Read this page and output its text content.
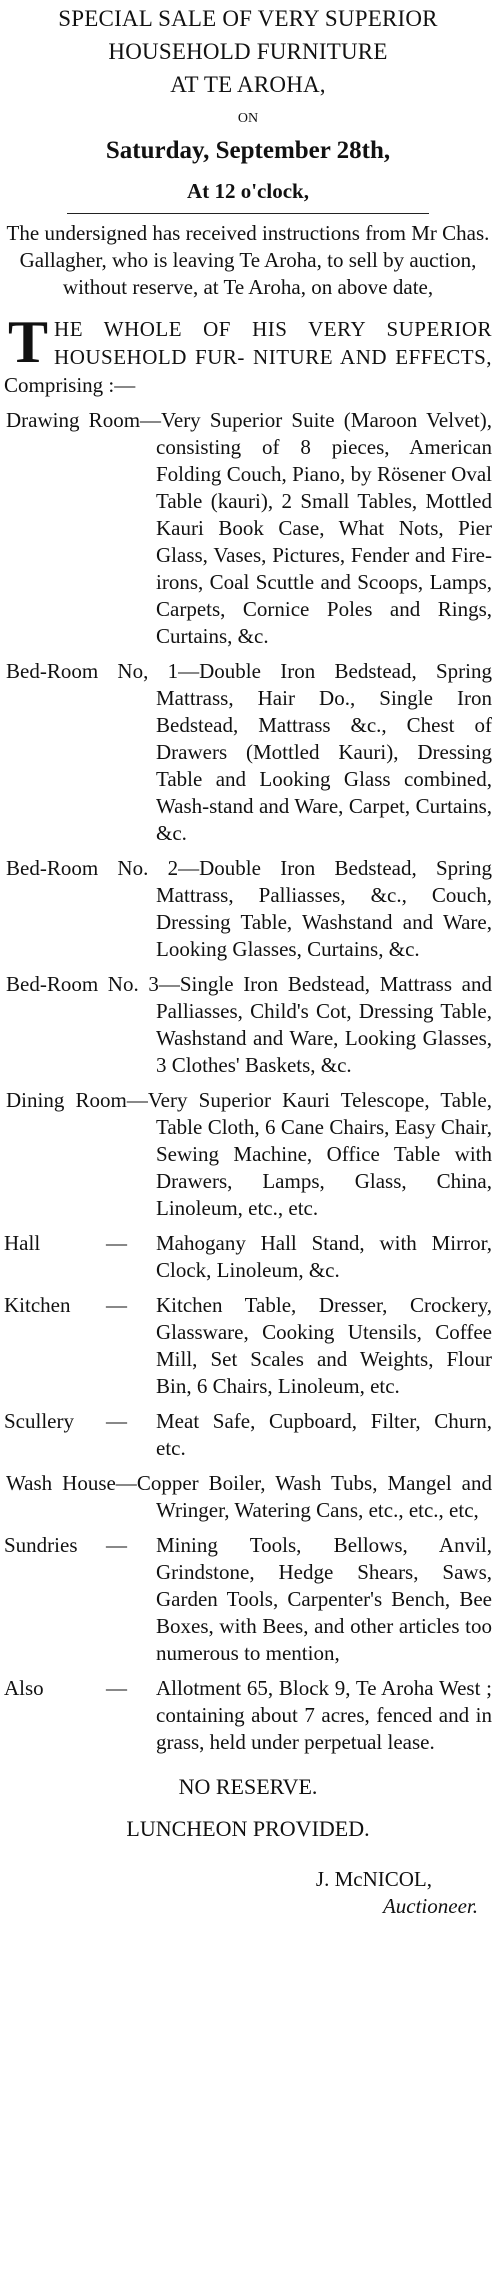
SPECIAL SALE OF VERY SUPERIOR
HOUSEHOLD FURNITURE
AT TE AROHA,
ON
Saturday, September 28th,
At 12 o'clock,
The undersigned has received instructions from Mr Chas. Gallagher, who is leaving Te Aroha, to sell by auction, without reserve, at Te Aroha, on above date,
THE WHOLE OF HIS VERY SUPERIOR HOUSEHOLD FUR- NITURE AND EFFECTS, Comprising :—
Drawing Room—Very Superior Suite (Maroon Velvet), consisting of 8 pieces, American Folding Couch, Piano, by Rösener Oval Table (kauri), 2 Small Tables, Mottled Kauri Book Case, What Nots, Pier Glass, Vases, Pictures, Fender and Fire-irons, Coal Scuttle and Scoops, Lamps, Carpets, Cornice Poles and Rings, Curtains, &c.
Bed-Room No, 1—Double Iron Bedstead, Spring Mattrass, Hair Do., Single Iron Bedstead, Mattrass &c., Chest of Drawers (Mottled Kauri), Dressing Table and Looking Glass combined, Wash-stand and Ware, Carpet, Curtains, &c.
Bed-Room No. 2—Double Iron Bedstead, Spring Mattrass, Palliasses, &c., Couch, Dressing Table, Washstand and Ware, Looking Glasses, Curtains, &c.
Bed-Room No. 3—Single Iron Bedstead, Mattrass and Palliasses, Child's Cot, Dressing Table, Washstand and Ware, Looking Glasses, 3 Clothes' Baskets, &c.
Dining Room—Very Superior Kauri Telescope, Table, Table Cloth, 6 Cane Chairs, Easy Chair, Sewing Machine, Office Table with Drawers, Lamps, Glass, China, Linoleum, etc., etc.
Hall	—	Mahogany Hall Stand, with Mirror, Clock, Linoleum, &c.
Kitchen	—	Kitchen Table, Dresser, Crockery, Glassware, Cooking Utensils, Coffee Mill, Set Scales and Weights, Flour Bin, 6 Chairs, Linoleum, etc.
Scullery	—	Meat Safe, Cupboard, Filter, Churn, etc.
Wash House—Copper Boiler, Wash Tubs, Mangel and Wringer, Watering Cans, etc., etc., etc,
Sundries	—	Mining Tools, Bellows, Anvil, Grindstone, Hedge Shears, Saws, Garden Tools, Carpenter's Bench, Bee Boxes, with Bees, and other articles too numerous to mention,
Also	—	Allotment 65, Block 9, Te Aroha West ; containing about 7 acres, fenced and in grass, held under perpetual lease.
NO RESERVE.
LUNCHEON PROVIDED.
J. McNICOL,
Auctioneer.
